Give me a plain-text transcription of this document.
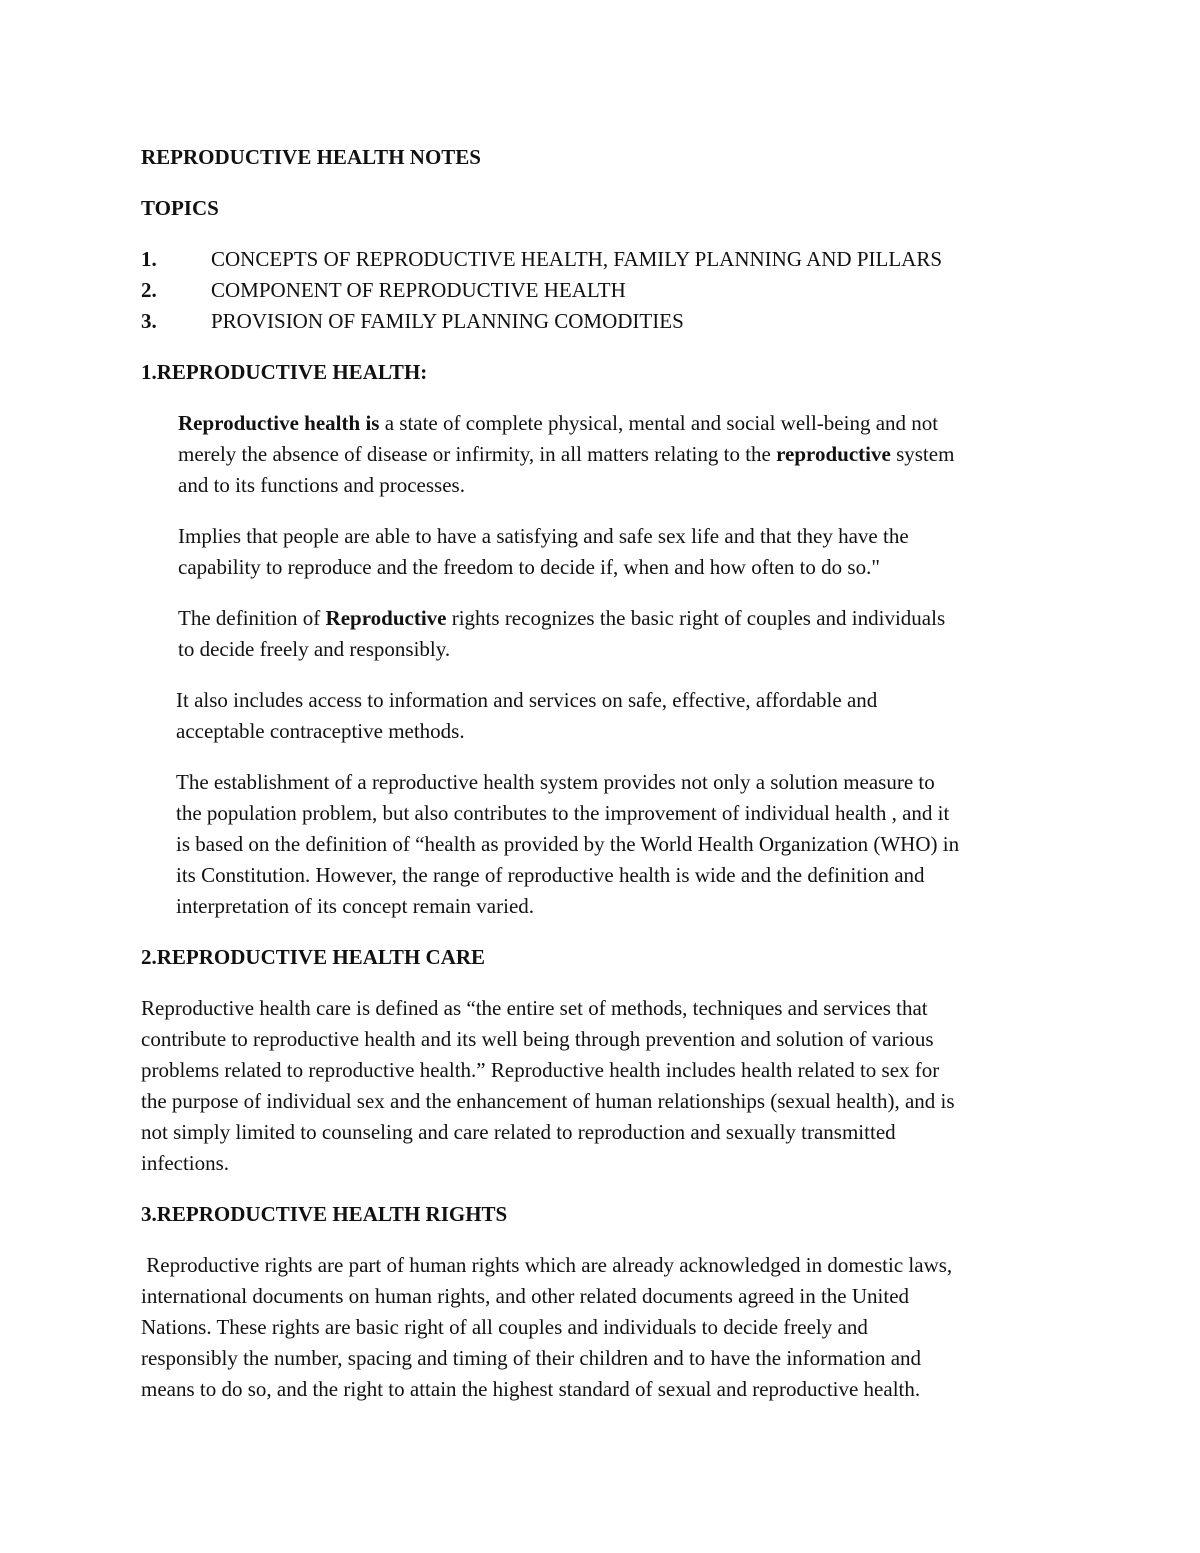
REPRODUCTIVE HEALTH NOTES

TOPICS

1.	CONCEPTS OF REPRODUCTIVE HEALTH, FAMILY PLANNING AND PILLARS
2.	COMPONENT OF REPRODUCTIVE HEALTH
3.	PROVISION OF FAMILY PLANNING COMODITIES

1.REPRODUCTIVE HEALTH:

Reproductive health is a state of complete physical, mental and social well-being and not

merely the absence of disease or infirmity, in all matters relating to the reproductive system

and to its functions and processes.

Implies that people are able to have a satisfying and safe sex life and that they have the

capability to reproduce and the freedom to decide if, when and how often to do so."

The definition of Reproductive rights recognizes the basic right of couples and individuals

to decide freely and responsibly.

It also includes access to information and services on safe, effective, affordable and

acceptable contraceptive methods.

The establishment of a reproductive health system provides not only a solution measure to

the population problem, but also contributes to the improvement of individual health , and it

is based on the definition of “health as provided by the World Health Organization (WHO) in

its Constitution. However, the range of reproductive health is wide and the definition and

interpretation of its concept remain varied.

2.REPRODUCTIVE HEALTH CARE

Reproductive health care is defined as “the entire set of methods, techniques and services that

contribute to reproductive health and its well being through prevention and solution of various

problems related to reproductive health.” Reproductive health includes health related to sex for

the purpose of individual sex and the enhancement of human relationships (sexual health), and is

not simply limited to counseling and care related to reproduction and sexually transmitted

infections.

3.REPRODUCTIVE HEALTH RIGHTS

Reproductive rights are part of human rights which are already acknowledged in domestic laws,

international documents on human rights, and other related documents agreed in the United

Nations. These rights are basic right of all couples and individuals to decide freely and

responsibly the number, spacing and timing of their children and to have the information and

means to do so, and the right to attain the highest standard of sexual and reproductive health.
